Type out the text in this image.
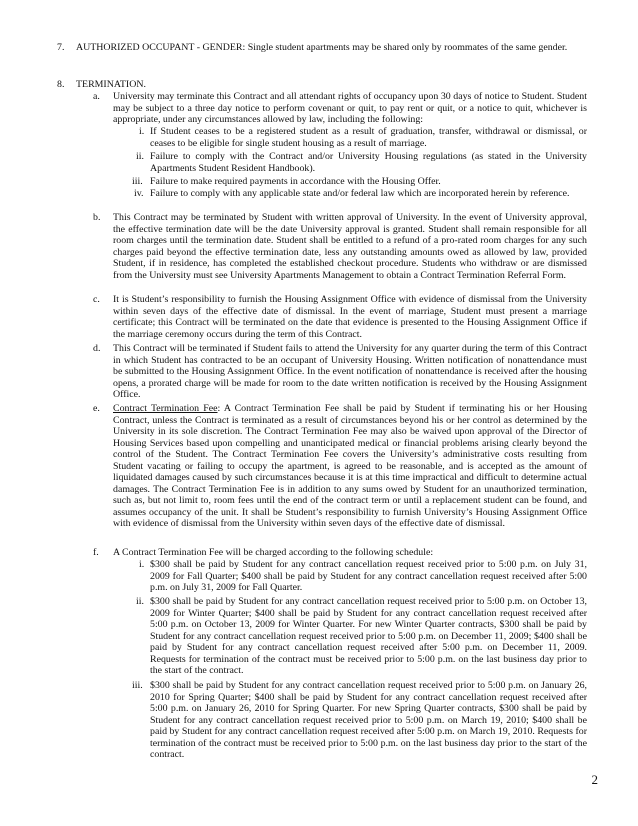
7. AUTHORIZED OCCUPANT - GENDER: Single student apartments may be shared only by roommates of the same gender.

8. TERMINATION.

a. University may terminate this Contract and all attendant rights of occupancy upon 30 days of notice to Student. Student may be subject to a three day notice to perform covenant or quit, to pay rent or quit, or a notice to quit, whichever is appropriate, under any circumstances allowed by law, including the following:

i. If Student ceases to be a registered student as a result of graduation, transfer, withdrawal or dismissal, or ceases to be eligible for single student housing as a result of marriage.

ii. Failure to comply with the Contract and/or University Housing regulations (as stated in the University Apartments Student Resident Handbook).

iii. Failure to make required payments in accordance with the Housing Offer.

iv. Failure to comply with any applicable state and/or federal law which are incorporated herein by reference.

b. This Contract may be terminated by Student with written approval of University. In the event of University approval, the effective termination date will be the date University approval is granted. Student shall remain responsible for all room charges until the termination date. Student shall be entitled to a refund of a pro-rated room charges for any such charges paid beyond the effective termination date, less any outstanding amounts owed as allowed by law, provided Student, if in residence, has completed the established checkout procedure. Students who withdraw or are dismissed from the University must see University Apartments Management to obtain a Contract Termination Referral Form.

c. It is Student’s responsibility to furnish the Housing Assignment Office with evidence of dismissal from the University within seven days of the effective date of dismissal. In the event of marriage, Student must present a marriage certificate; this Contract will be terminated on the date that evidence is presented to the Housing Assignment Office if the marriage ceremony occurs during the term of this Contract.

d. This Contract will be terminated if Student fails to attend the University for any quarter during the term of this Contract in which Student has contracted to be an occupant of University Housing. Written notification of nonattendance must be submitted to the Housing Assignment Office. In the event notification of nonattendance is received after the housing opens, a prorated charge will be made for room to the date written notification is received by the Housing Assignment Office.

e. Contract Termination Fee: A Contract Termination Fee shall be paid by Student if terminating his or her Housing Contract, unless the Contract is terminated as a result of circumstances beyond his or her control as determined by the University in its sole discretion. The Contract Termination Fee may also be waived upon approval of the Director of Housing Services based upon compelling and unanticipated medical or financial problems arising clearly beyond the control of the Student. The Contract Termination Fee covers the University’s administrative costs resulting from Student vacating or failing to occupy the apartment, is agreed to be reasonable, and is accepted as the amount of liquidated damages caused by such circumstances because it is at this time impractical and difficult to determine actual damages. The Contract Termination Fee is in addition to any sums owed by Student for an unauthorized termination, such as, but not limit to, room fees until the end of the contract term or until a replacement student can be found, and assumes occupancy of the unit. It shall be Student’s responsibility to furnish University’s Housing Assignment Office with evidence of dismissal from the University within seven days of the effective date of dismissal.

f. A Contract Termination Fee will be charged according to the following schedule:

i. $300 shall be paid by Student for any contract cancellation request received prior to 5:00 p.m. on July 31, 2009 for Fall Quarter; $400 shall be paid by Student for any contract cancellation request received after 5:00 p.m. on July 31, 2009 for Fall Quarter.

ii. $300 shall be paid by Student for any contract cancellation request received prior to 5:00 p.m. on October 13, 2009 for Winter Quarter; $400 shall be paid by Student for any contract cancellation request received after 5:00 p.m. on October 13, 2009 for Winter Quarter. For new Winter Quarter contracts, $300 shall be paid by Student for any contract cancellation request received prior to 5:00 p.m. on December 11, 2009; $400 shall be paid by Student for any contract cancellation request received after 5:00 p.m. on December 11, 2009. Requests for termination of the contract must be received prior to 5:00 p.m. on the last business day prior to the start of the contract.

iii. $300 shall be paid by Student for any contract cancellation request received prior to 5:00 p.m. on January 26, 2010 for Spring Quarter; $400 shall be paid by Student for any contract cancellation request received after 5:00 p.m. on January 26, 2010 for Spring Quarter. For new Spring Quarter contracts, $300 shall be paid by Student for any contract cancellation request received prior to 5:00 p.m. on March 19, 2010; $400 shall be paid by Student for any contract cancellation request received after 5:00 p.m. on March 19, 2010. Requests for termination of the contract must be received prior to 5:00 p.m. on the last business day prior to the start of the contract.

2
